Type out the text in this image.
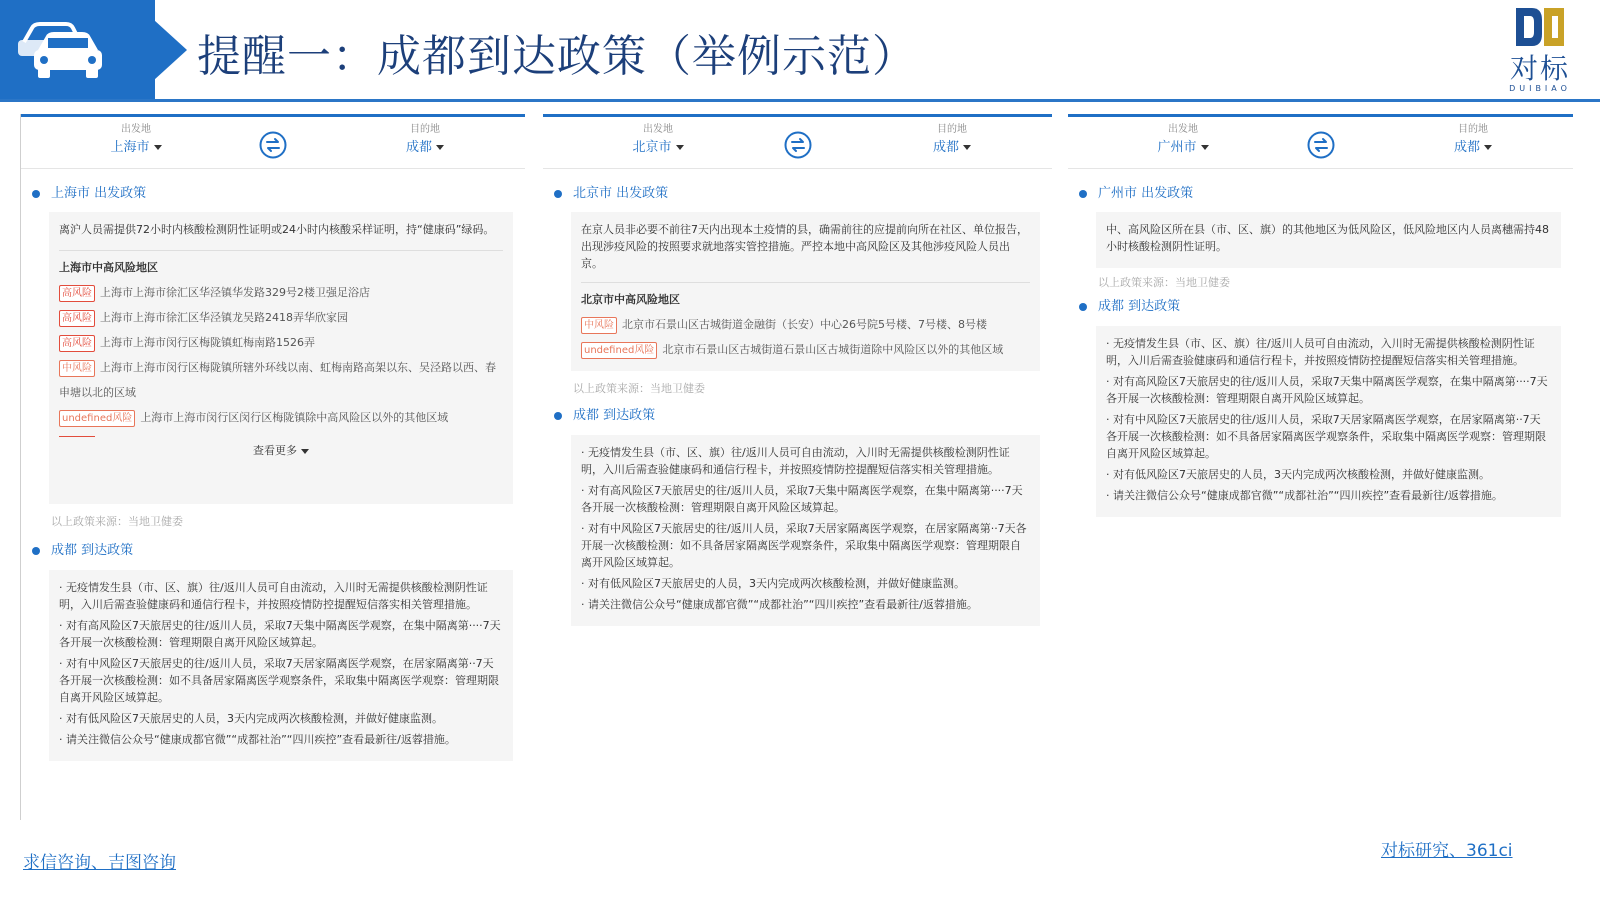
提醒一：成都到达政策（举例示范）	对标
DUIBIAO
出发地
上海市
目的地
成都
上海市 出发政策

离沪人员需提供72小时内核酸检测阴性证明或24小时内核酸采样证明，持“健康码”绿码。

上海市中高风险地区
高风险 上海市上海市徐汇区华泾镇华发路329号2楼卫强足浴店
高风险 上海市上海市徐汇区华泾镇龙吴路2418弄华欣家园
高风险 上海市上海市闵行区梅陇镇虹梅南路1526弄
中风险 上海市上海市闵行区梅陇镇所辖外环线以南、虹梅南路高架以东、吴泾路以西、春申塘以北的区域
undefined风险 上海市上海市闵行区闵行区梅陇镇除中高风险区以外的其他区域
查看更多
以上政策来源：当地卫健委
成都 到达政策

· 无疫情发生县（市、区、旗）往/返川人员可自由流动，入川时无需提供核酸检测阴性证明，入川后需查验健康码和通信行程卡，并按照疫情防控提醒短信落实相关管理措施。

· 对有高风险区7天旅居史的往/返川人员，采取7天集中隔离医学观察，在集中隔离第····7天各开展一次核酸检测：管理期限自离开风险区域算起。

· 对有中风险区7天旅居史的往/返川人员，采取7天居家隔离医学观察，在居家隔离第··7天各开展一次核酸检测：如不具备居家隔离医学观察条件，采取集中隔离医学观察：管理期限自离开风险区域算起。

· 对有低风险区7天旅居史的人员，3天内完成两次核酸检测，并做好健康监测。

· 请关注微信公众号“健康成都官微”“成都社治”“四川疾控”查看最新往/返蓉措施。

出发地
北京市
目的地
成都
北京市 出发政策

在京人员非必要不前往7天内出现本土疫情的县，确需前往的应提前向所在社区、单位报告，出现涉疫风险的按照要求就地落实管控措施。严控本地中高风险区及其他涉疫风险人员出京。

北京市中高风险地区
中风险 北京市石景山区古城街道金融街（长安）中心26号院5号楼、7号楼、8号楼
undefined风险 北京市石景山区古城街道石景山区古城街道除中风险区以外的其他区域
以上政策来源：当地卫健委
成都 到达政策

· 无疫情发生县（市、区、旗）往/返川人员可自由流动，入川时无需提供核酸检测阴性证明，入川后需查验健康码和通信行程卡，并按照疫情防控提醒短信落实相关管理措施。

· 对有高风险区7天旅居史的往/返川人员，采取7天集中隔离医学观察，在集中隔离第····7天各开展一次核酸检测：管理期限自离开风险区域算起。

· 对有中风险区7天旅居史的往/返川人员，采取7天居家隔离医学观察，在居家隔离第··7天各开展一次核酸检测：如不具备居家隔离医学观察条件，采取集中隔离医学观察：管理期限自离开风险区域算起。

· 对有低风险区7天旅居史的人员，3天内完成两次核酸检测，并做好健康监测。

· 请关注微信公众号“健康成都官微”“成都社治”“四川疾控”查看最新往/返蓉措施。

出发地
广州市
目的地
成都
广州市 出发政策

中、高风险区所在县（市、区、旗）的其他地区为低风险区，低风险地区内人员离穗需持48小时核酸检测阴性证明。

以上政策来源：当地卫健委
成都 到达政策

· 无疫情发生县（市、区、旗）往/返川人员可自由流动，入川时无需提供核酸检测阴性证明，入川后需查验健康码和通信行程卡，并按照疫情防控提醒短信落实相关管理措施。

· 对有高风险区7天旅居史的往/返川人员，采取7天集中隔离医学观察，在集中隔离第····7天各开展一次核酸检测：管理期限自离开风险区域算起。

· 对有中风险区7天旅居史的往/返川人员，采取7天居家隔离医学观察，在居家隔离第··7天各开展一次核酸检测：如不具备居家隔离医学观察条件，采取集中隔离医学观察：管理期限自离开风险区域算起。

· 对有低风险区7天旅居史的人员，3天内完成两次核酸检测，并做好健康监测。

· 请关注微信公众号“健康成都官微”“成都社治”“四川疾控”查看最新往/返蓉措施。

求信咨询、吉图咨询
对标研究、361ci
